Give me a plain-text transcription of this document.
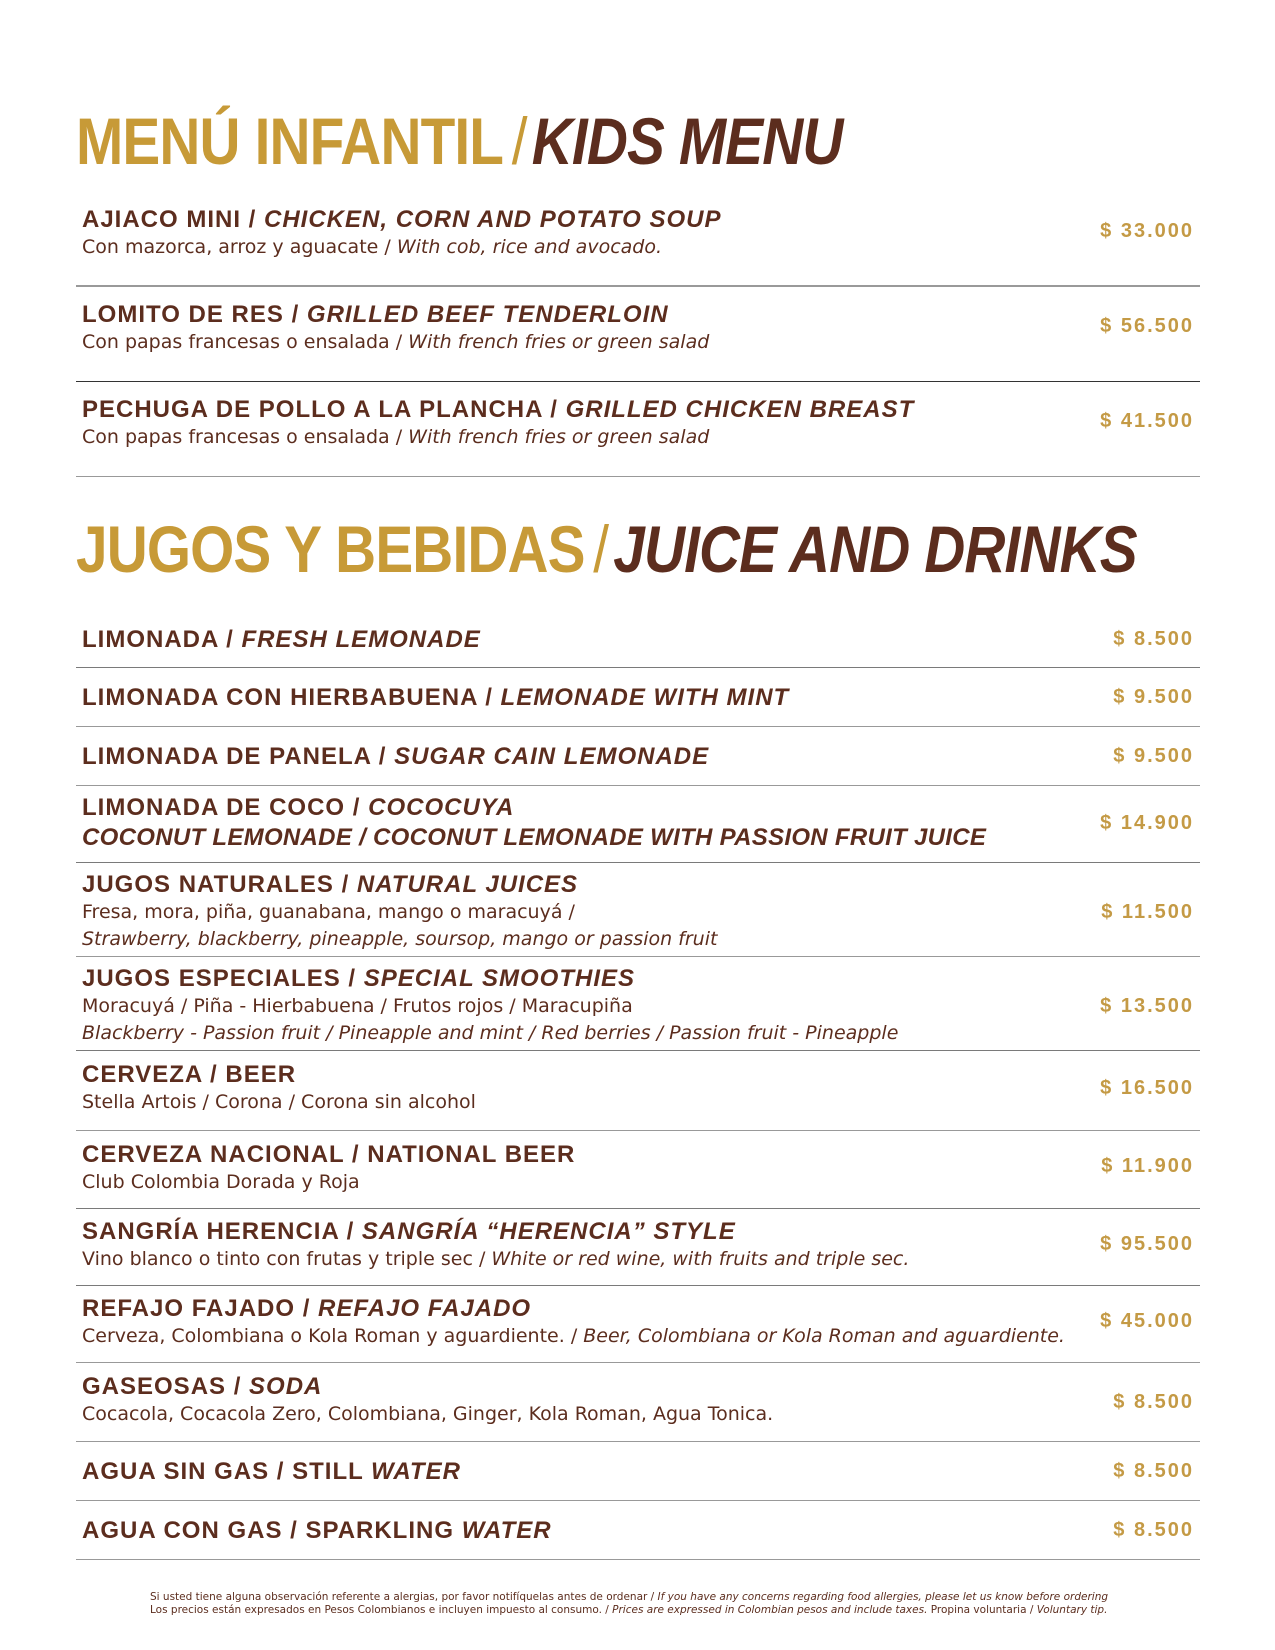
MENÚ INFANTIL /KIDS MENU
AJIACO MINI / CHICKEN, CORN AND POTATO SOUP
Con mazorca, arroz y aguacate / With cob, rice and avocado.
$ 33.000
LOMITO DE RES / GRILLED BEEF TENDERLOIN
Con papas francesas o ensalada / With french fries or green salad
$ 56.500
PECHUGA DE POLLO A LA PLANCHA / GRILLED CHICKEN BREAST
Con papas francesas o ensalada / With french fries or green salad
$ 41.500
JUGOS Y BEBIDAS /JUICE AND DRINKS
LIMONADA / FRESH LEMONADE	$ 8.500
LIMONADA CON HIERBABUENA / LEMONADE WITH MINT	$ 9.500
LIMONADA DE PANELA / SUGAR CAIN LEMONADE	$ 9.500
LIMONADA DE COCO / COCOCUYA
COCONUT LEMONADE / COCONUT LEMONADE WITH PASSION FRUIT JUICE
$ 14.900
JUGOS NATURALES / NATURAL JUICES
Fresa, mora, piña, guanabana, mango o maracuyá /
Strawberry, blackberry, pineapple, soursop, mango or passion fruit
$ 11.500
JUGOS ESPECIALES / SPECIAL SMOOTHIES
Moracuyá / Piña - Hierbabuena / Frutos rojos / Maracupiña
Blackberry - Passion fruit / Pineapple and mint / Red berries / Passion fruit - Pineapple
$ 13.500
CERVEZA / BEER
Stella Artois / Corona / Corona sin alcohol
$ 16.500
CERVEZA NACIONAL / NATIONAL BEER
Club Colombia Dorada y Roja
$ 11.900
SANGRÍA HERENCIA / SANGRÍA “HERENCIA” STYLE
Vino blanco o tinto con frutas y triple sec / White or red wine, with fruits and triple sec.
$ 95.500
REFAJO FAJADO / REFAJO FAJADO
Cerveza, Colombiana o Kola Roman y aguardiente. / Beer, Colombiana or Kola Roman and aguardiente.
$ 45.000
GASEOSAS / SODA
Cocacola, Cocacola Zero, Colombiana, Ginger, Kola Roman, Agua Tonica.
$ 8.500
AGUA SIN GAS / STILL WATER	$ 8.500
AGUA CON GAS / SPARKLING WATER	$ 8.500
Si usted tiene alguna observación referente a alergias, por favor notifíquelas antes de ordenar / If you have any concerns regarding food allergies, please let us know before ordering
Los precios están expresados en Pesos Colombianos e incluyen impuesto al consumo. / Prices are expressed in Colombian pesos and include taxes. Propina voluntaria / Voluntary tip.
